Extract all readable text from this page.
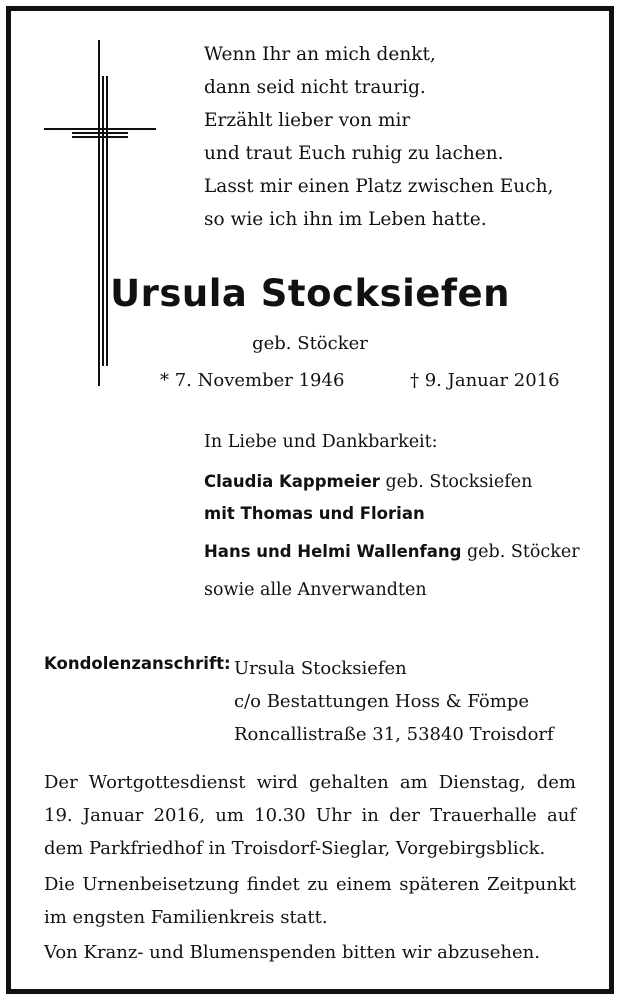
Wenn Ihr an mich denkt,
dann seid nicht traurig.
Erzählt lieber von mir
und traut Euch ruhig zu lachen.
Lasst mir einen Platz zwischen Euch,
so wie ich ihn im Leben hatte.
Ursula Stocksiefen
geb. Stöcker
* 7. November 1946	† 9. Januar 2016
In Liebe und Dankbarkeit:
Claudia Kappmeier geb. Stocksiefen
mit Thomas und Florian
Hans und Helmi Wallenfang geb. Stöcker
sowie alle Anverwandten
Kondolenzanschrift: Ursula Stocksiefen
c/o Bestattungen Hoss & Fömpe
Roncallistraße 31, 53840 Troisdorf
Der Wortgottesdienst wird gehalten am Dienstag, dem 19. Januar 2016, um 10.30 Uhr in der Trauerhalle auf dem Parkfriedhof in Troisdorf-Sieglar, Vorgebirgsblick.
Die Urnenbeisetzung findet zu einem späteren Zeitpunkt im engsten Familienkreis statt.
Von Kranz- und Blumenspenden bitten wir abzusehen.
